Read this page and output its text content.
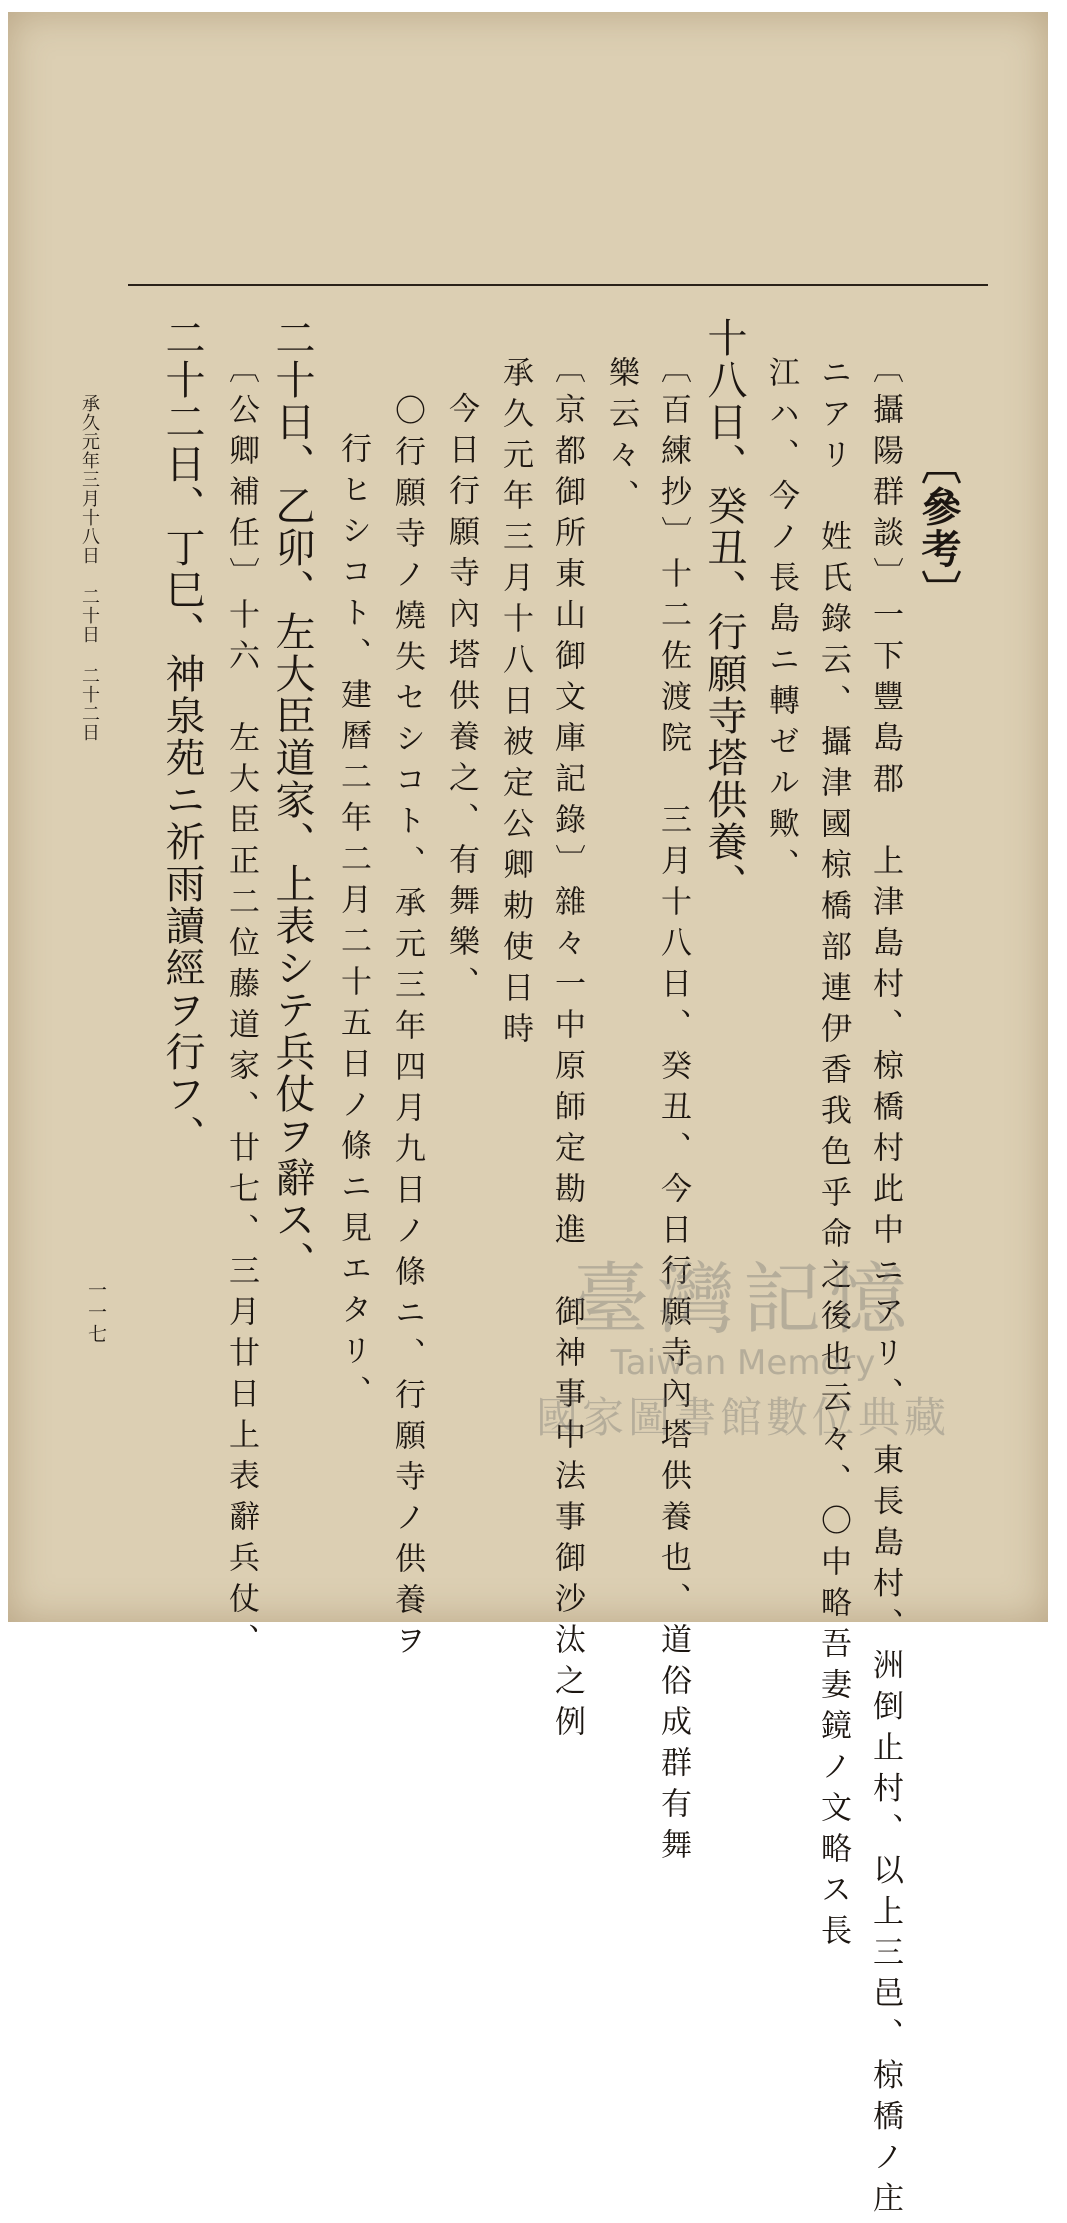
〔參考〕
〔攝陽群談〕一下豐島郡　上津島村、椋橋村此中ニアリ、　東長島村、洲倒止村、以上三邑、椋橋ノ庄
ニアリ　姓氏錄云、攝津國椋橋部連伊香我色乎命之後也云々、〇中略吾妻鏡ノ文略ス長
江ハ、今ノ長島ニ轉ゼル歟、
十八日、癸丑、行願寺塔供養、
〔百練抄〕十二佐渡院　三月十八日、癸丑、今日行願寺內塔供養也、道俗成群有舞
樂云々、
〔京都御所東山御文庫記錄〕雜々一中原師定勘進　御神事中法事御沙汰之例
承久元年三月十八日被定公卿勅使日時
今日行願寺內塔供養之、有舞樂、
〇行願寺ノ燒失セシコト、承元三年四月九日ノ條ニ、行願寺ノ供養ヲ
行ヒシコト、建曆二年二月二十五日ノ條ニ見エタリ、
二十日、乙卯、左大臣道家、上表シテ兵仗ヲ辭ス、
〔公卿補任〕十六　左大臣正二位藤道家、廿七、三月廿日上表辭兵仗、
二十二日、丁巳、神泉苑ニ祈雨讀經ヲ行フ、
承久元年三月十八日 二十日 二十二日
一一七	臺灣記憶
Taiwan Memory
國家圖書館數位典藏
